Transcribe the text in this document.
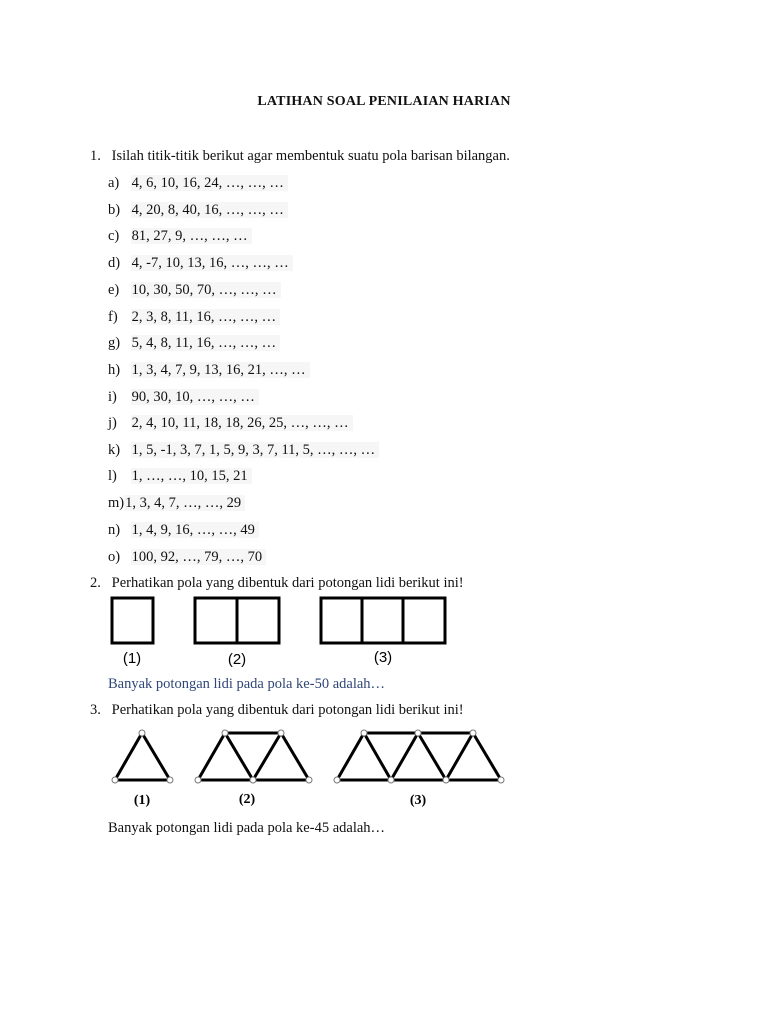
LATIHAN SOAL PENILAIAN HARIAN
1. Isilah titik-titik berikut agar membentuk suatu pola barisan bilangan.
a) 4, 6, 10, 16, 24, …, …, …
b) 4, 20, 8, 40, 16, …, …, …
c) 81, 27, 9, …, …, …
d) 4, -7, 10, 13, 16, …, …, …
e) 10, 30, 50, 70, …, …, …
f) 2, 3, 8, 11, 16, …, …, …
g) 5, 4, 8, 11, 16, …, …, …
h) 1, 3, 4, 7, 9, 13, 16, 21, …, …
i) 90, 30, 10, …, …, …
j) 2, 4, 10, 11, 18, 18, 26, 25, …, …, …
k) 1, 5, -1, 3, 7, 1, 5, 9, 3, 7, 11, 5, …, …, …
l) 1, …, …, 10, 15, 21
m)1, 3, 4, 7, …, …, 29
n) 1, 4, 9, 16, …, …, 49
o) 100, 92, …, 79, …, 70
2. Perhatikan pola yang dibentuk dari potongan lidi berikut ini!
(1)	(2)	(3)
Banyak potongan lidi pada pola ke-50 adalah…
3. Perhatikan pola yang dibentuk dari potongan lidi berikut ini!
(1)	(2)	(3)
Banyak potongan lidi pada pola ke-45 adalah…
